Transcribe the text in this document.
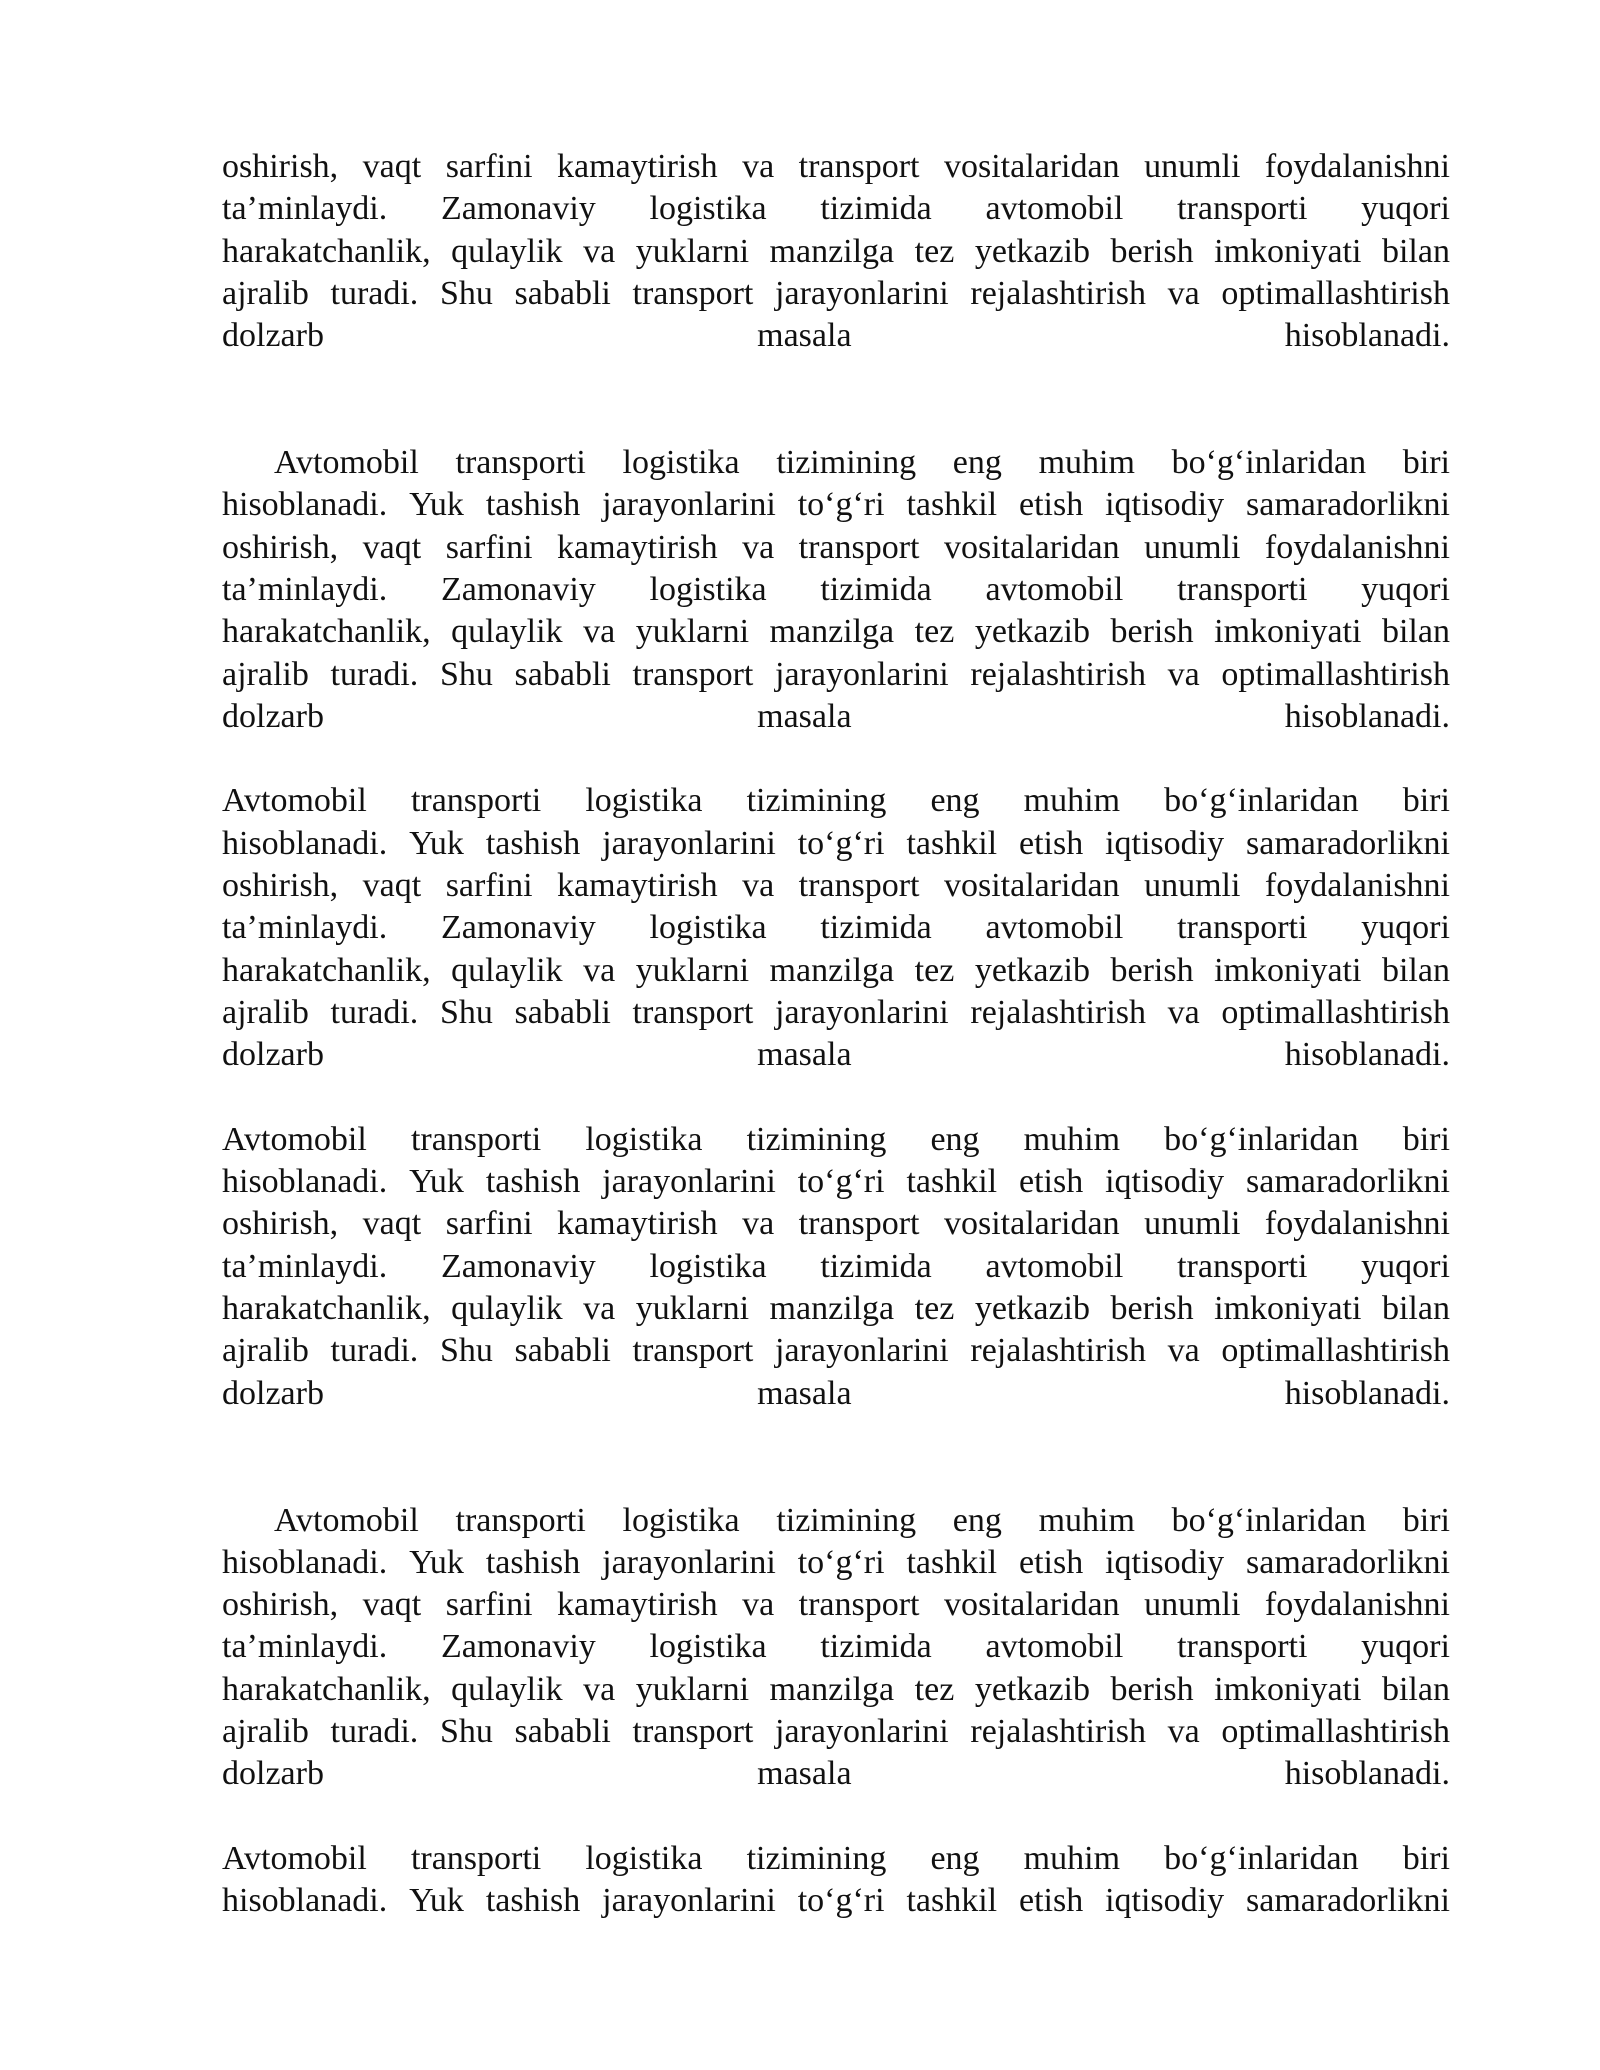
oshirish, vaqt sarfini kamaytirish va transport vositalaridan unumli foydalanishni
ta’minlaydi. Zamonaviy logistika tizimida avtomobil transporti yuqori
harakatchanlik, qulaylik va yuklarni manzilga tez yetkazib berish imkoniyati bilan
ajralib turadi. Shu sababli transport jarayonlarini rejalashtirish va optimallashtirish
dolzarb	masala	hisoblanadi.
Avtomobil transporti logistika tizimining eng muhim bo‘g‘inlaridan biri
hisoblanadi. Yuk tashish jarayonlarini to‘g‘ri tashkil etish iqtisodiy samaradorlikni
oshirish, vaqt sarfini kamaytirish va transport vositalaridan unumli foydalanishni
ta’minlaydi. Zamonaviy logistika tizimida avtomobil transporti yuqori
harakatchanlik, qulaylik va yuklarni manzilga tez yetkazib berish imkoniyati bilan
ajralib turadi. Shu sababli transport jarayonlarini rejalashtirish va optimallashtirish
dolzarb	masala	hisoblanadi.
Avtomobil transporti logistika tizimining eng muhim bo‘g‘inlaridan biri
hisoblanadi. Yuk tashish jarayonlarini to‘g‘ri tashkil etish iqtisodiy samaradorlikni
oshirish, vaqt sarfini kamaytirish va transport vositalaridan unumli foydalanishni
ta’minlaydi. Zamonaviy logistika tizimida avtomobil transporti yuqori
harakatchanlik, qulaylik va yuklarni manzilga tez yetkazib berish imkoniyati bilan
ajralib turadi. Shu sababli transport jarayonlarini rejalashtirish va optimallashtirish
dolzarb	masala	hisoblanadi.
Avtomobil transporti logistika tizimining eng muhim bo‘g‘inlaridan biri
hisoblanadi. Yuk tashish jarayonlarini to‘g‘ri tashkil etish iqtisodiy samaradorlikni
oshirish, vaqt sarfini kamaytirish va transport vositalaridan unumli foydalanishni
ta’minlaydi. Zamonaviy logistika tizimida avtomobil transporti yuqori
harakatchanlik, qulaylik va yuklarni manzilga tez yetkazib berish imkoniyati bilan
ajralib turadi. Shu sababli transport jarayonlarini rejalashtirish va optimallashtirish
dolzarb	masala	hisoblanadi.
Avtomobil transporti logistika tizimining eng muhim bo‘g‘inlaridan biri
hisoblanadi. Yuk tashish jarayonlarini to‘g‘ri tashkil etish iqtisodiy samaradorlikni
oshirish, vaqt sarfini kamaytirish va transport vositalaridan unumli foydalanishni
ta’minlaydi. Zamonaviy logistika tizimida avtomobil transporti yuqori
harakatchanlik, qulaylik va yuklarni manzilga tez yetkazib berish imkoniyati bilan
ajralib turadi. Shu sababli transport jarayonlarini rejalashtirish va optimallashtirish
dolzarb	masala	hisoblanadi.
Avtomobil transporti logistika tizimining eng muhim bo‘g‘inlaridan biri
hisoblanadi. Yuk tashish jarayonlarini to‘g‘ri tashkil etish iqtisodiy samaradorlikni
